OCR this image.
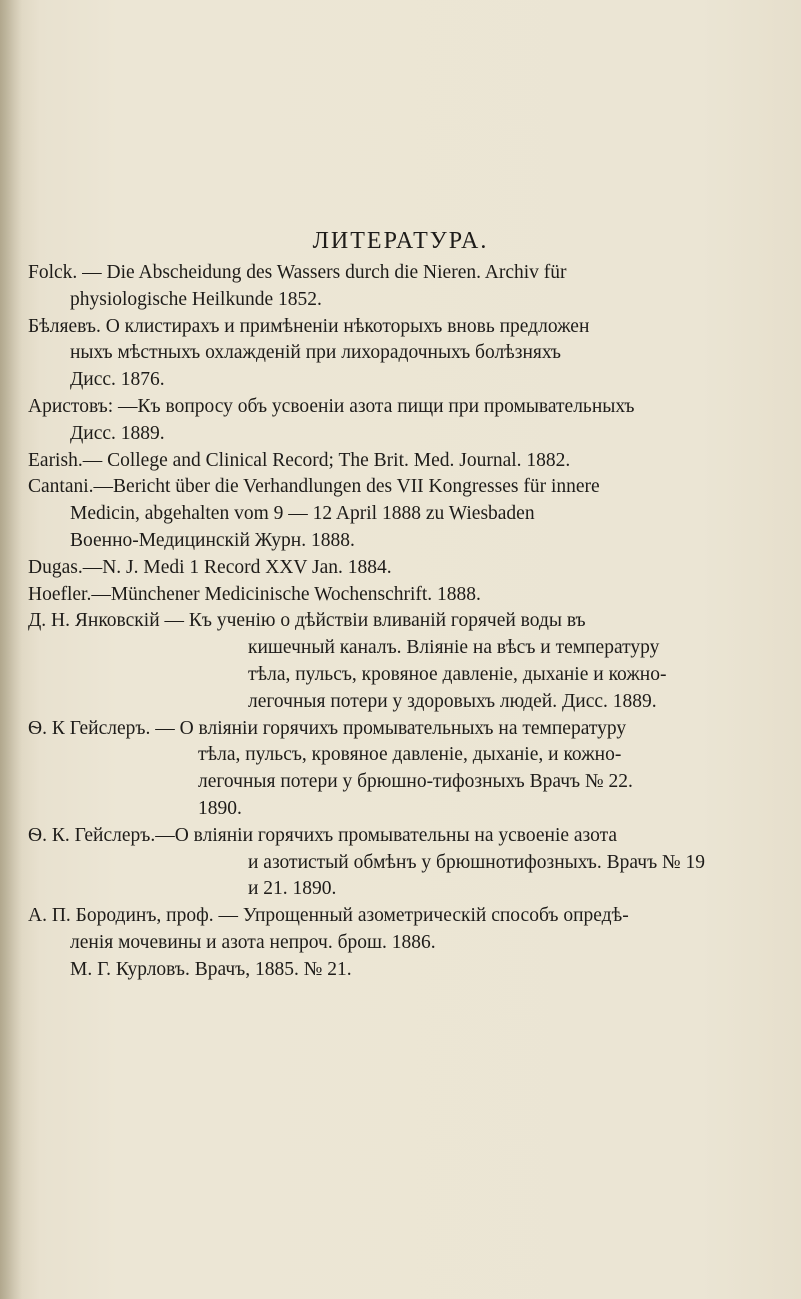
ЛИТЕРАТУРА.
Folck. — Die Abscheidung des Wassers durch die Nieren. Archiv für
physiologische Heilkunde 1852.
Бѣляевъ. О клистирахъ и примѣненіи нѣкоторыхъ вновь предложен
ныхъ мѣстныхъ охлажденій при лихорадочныхъ болѣзняхъ
Дисс. 1876.
Аристовъ: —Къ вопросу объ усвоеніи азота пищи при промывательныхъ
Дисс. 1889.
Earish.— College and Clinical Record; The Brit. Med. Journal. 1882.
Cantani.—Bericht über die Verhandlungen des VII Kongresses für innere
Medicin, abgehalten vom 9 — 12 April 1888 zu Wiesbaden
Военно-Медицинскій Журн. 1888.
Dugas.—N. J. Medi 1 Record XXV Jan. 1884.
Hoefler.—Münchener Medicinische Wochenschrift. 1888.
Д. Н. Янковскій — Къ ученію о дѣйствіи вливаній горячей воды въ
кишечный каналъ. Вліяніе на вѣсъ и температуру
тѣла, пульсъ, кровяное давленіе, дыханіе и кожно-
легочныя потери у здоровыхъ людей. Дисс. 1889.
Ѳ. К Гейслеръ. — О вліяніи горячихъ промывательныхъ на температуру
тѣла, пульсъ, кровяное давленіе, дыханіе, и кожно-
легочныя потери у брюшно-тифозныхъ Врачъ № 22.
1890.
Ѳ. К. Гейслеръ.—О вліяніи горячихъ промывательны на усвоеніе азота
и азотистый обмѣнъ у брюшнотифозныхъ. Врачъ № 19
и 21. 1890.
А. П. Бородинъ, проф. — Упрощенный азометрическій способъ опредѣ-
ленія мочевины и азота непроч. брош. 1886.
М. Г. Курловъ. Врачъ, 1885. № 21.
